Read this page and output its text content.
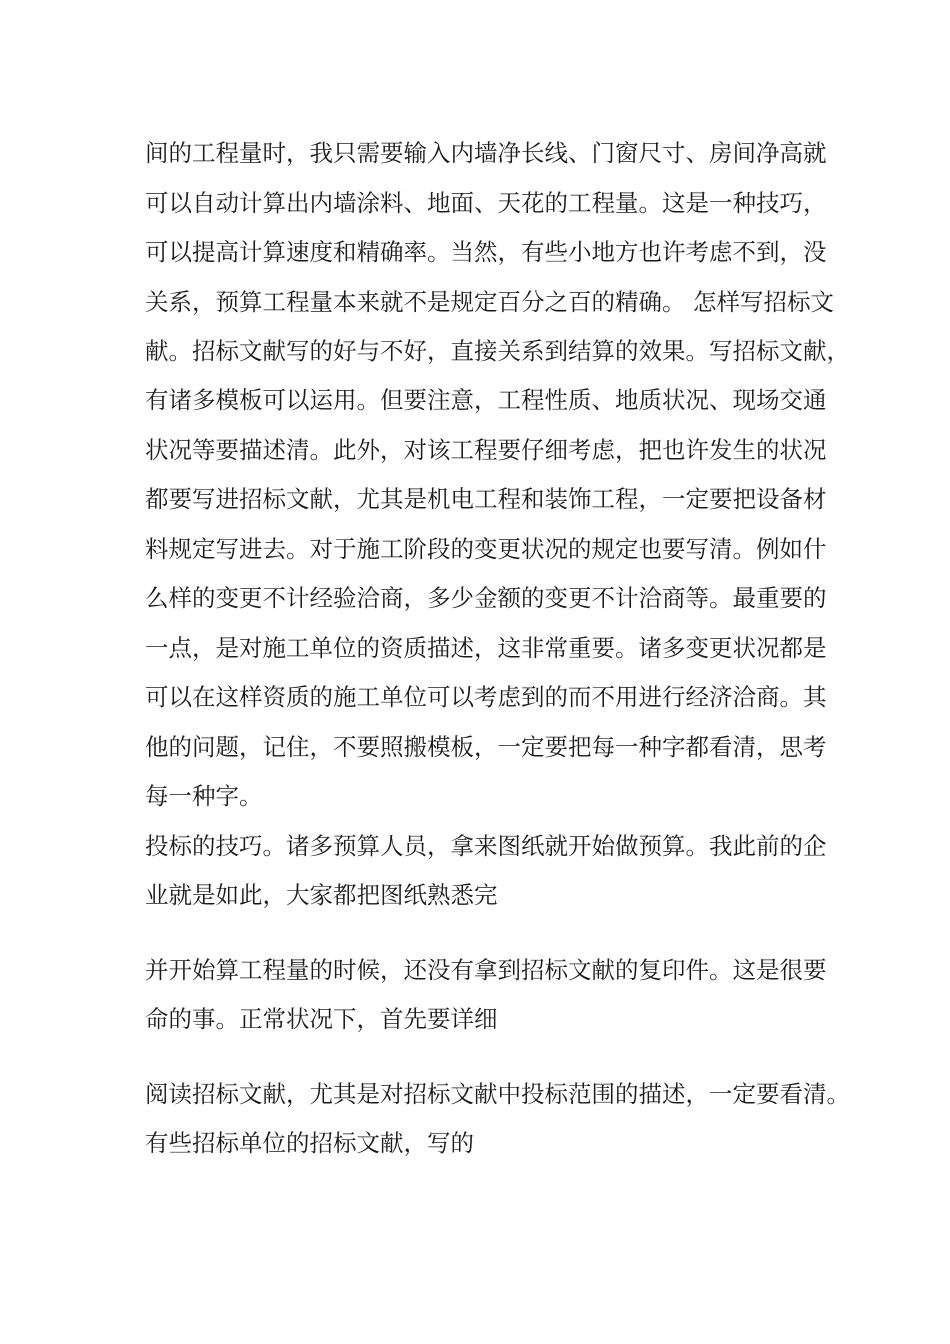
间的工程量时，我只需要输入内墙净长线、门窗尺寸、房间净高就
可以自动计算出内墙涂料、地面、天花的工程量。这是一种技巧，
可以提高计算速度和精确率。当然，有些小地方也许考虑不到，没
关系，预算工程量本来就不是规定百分之百的精确。 怎样写招标文
献。招标文献写的好与不好，直接关系到结算的效果。写招标文献，
有诸多模板可以运用。但要注意，工程性质、地质状况、现场交通
状况等要描述清。此外，对该工程要仔细考虑，把也许发生的状况
都要写进招标文献，尤其是机电工程和装饰工程，一定要把设备材
料规定写进去。对于施工阶段的变更状况的规定也要写清。例如什
么样的变更不计经验洽商，多少金额的变更不计洽商等。最重要的
一点，是对施工单位的资质描述，这非常重要。诸多变更状况都是
可以在这样资质的施工单位可以考虑到的而不用进行经济洽商。其
他的问题，记住，不要照搬模板，一定要把每一种字都看清，思考
每一种字。
投标的技巧。诸多预算人员，拿来图纸就开始做预算。我此前的企
业就是如此，大家都把图纸熟悉完
并开始算工程量的时候，还没有拿到招标文献的复印件。这是很要
命的事。正常状况下，首先要详细
阅读招标文献，尤其是对招标文献中投标范围的描述，一定要看清。
有些招标单位的招标文献，写的
